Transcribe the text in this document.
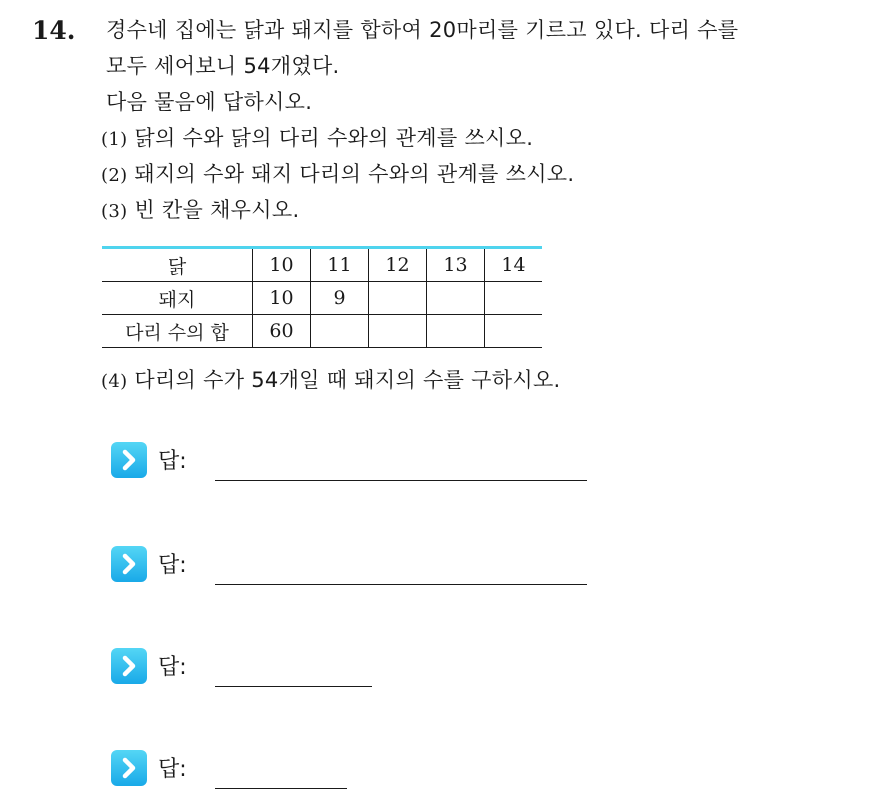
14. 경수네 집에는 닭과 돼지를 합하여 20마리를 기르고 있다. 다리 수를
모두 세어보니 54개였다.
다음 물음에 답하시오.
(1) 닭의 수와 닭의 다리 수와의 관계를 쓰시오.
(2) 돼지의 수와 돼지 다리의 수와의 관계를 쓰시오.
(3) 빈 칸을 채우시오.
닭	10	11	12	13	14
돼지	10	9			
다리 수의 합	60				
(4) 다리의 수가 54개일 때 돼지의 수를 구하시오.
답:
답:
답:
답:
